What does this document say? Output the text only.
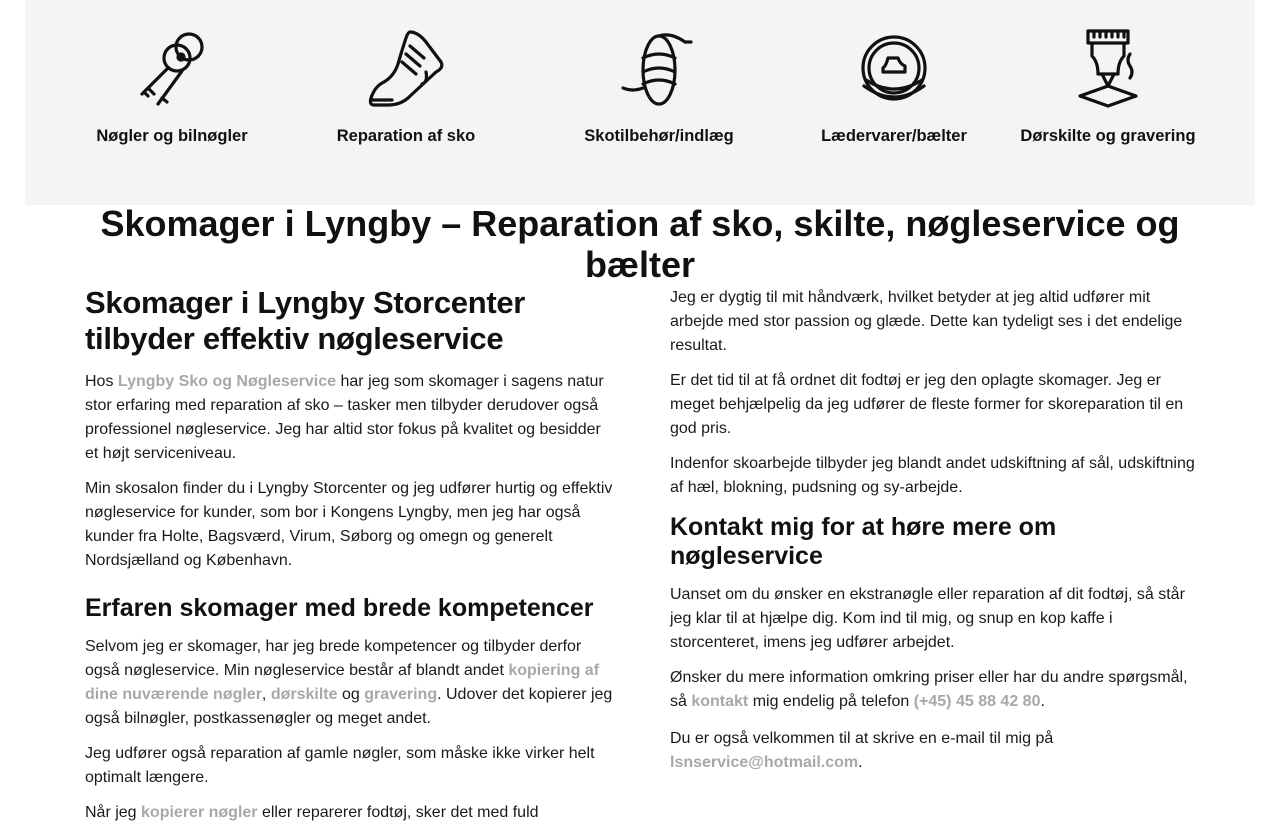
Nøgler og bilnøgler	Reparation af sko	Skotilbehør/indlæg	Lædervarer/bælter	Dørskilte og gravering
Skomager i Lyngby – Reparation af sko, skilte, nøgleservice og bælter
Skomager i Lyngby Storcenter tilbyder effektiv nøgleservice

Hos Lyngby Sko og Nøgleservice har jeg som skomager i sagens natur stor erfaring med reparation af sko – tasker men tilbyder derudover også professionel nøgleservice. Jeg har altid stor fokus på kvalitet og besidder et højt serviceniveau.

Min skosalon finder du i Lyngby Storcenter og jeg udfører hurtig og effektiv nøgleservice for kunder, som bor i Kongens Lyngby, men jeg har også kunder fra Holte, Bagsværd, Virum, Søborg og omegn og generelt Nordsjælland og København.

Erfaren skomager med brede kompetencer

Selvom jeg er skomager, har jeg brede kompetencer og tilbyder derfor også nøgleservice. Min nøgleservice består af blandt andet kopiering af dine nuværende nøgler, dørskilte og gravering. Udover det kopierer jeg også bilnøgler, postkassenøgler og meget andet.

Jeg udfører også reparation af gamle nøgler, som måske ikke virker helt optimalt længere.

Når jeg kopierer nøgler eller reparerer fodtøj, sker det med fuld

Jeg er dygtig til mit håndværk, hvilket betyder at jeg altid udfører mit arbejde med stor passion og glæde. Dette kan tydeligt ses i det endelige resultat.

Er det tid til at få ordnet dit fodtøj er jeg den oplagte skomager. Jeg er meget behjælpelig da jeg udfører de fleste former for skoreparation til en god pris.

Indenfor skoarbejde tilbyder jeg blandt andet udskiftning af sål, udskiftning af hæl, blokning, pudsning og sy-arbejde.

Kontakt mig for at høre mere om nøgleservice

Uanset om du ønsker en ekstranøgle eller reparation af dit fodtøj, så står jeg klar til at hjælpe dig. Kom ind til mig, og snup en kop kaffe i storcenteret, imens jeg udfører arbejdet.

Ønsker du mere information omkring priser eller har du andre spørgsmål, så kontakt mig endelig på telefon (+45) 45 88 42 80.

Du er også velkommen til at skrive en e-mail til mig på lsnservice@hotmail.com.
